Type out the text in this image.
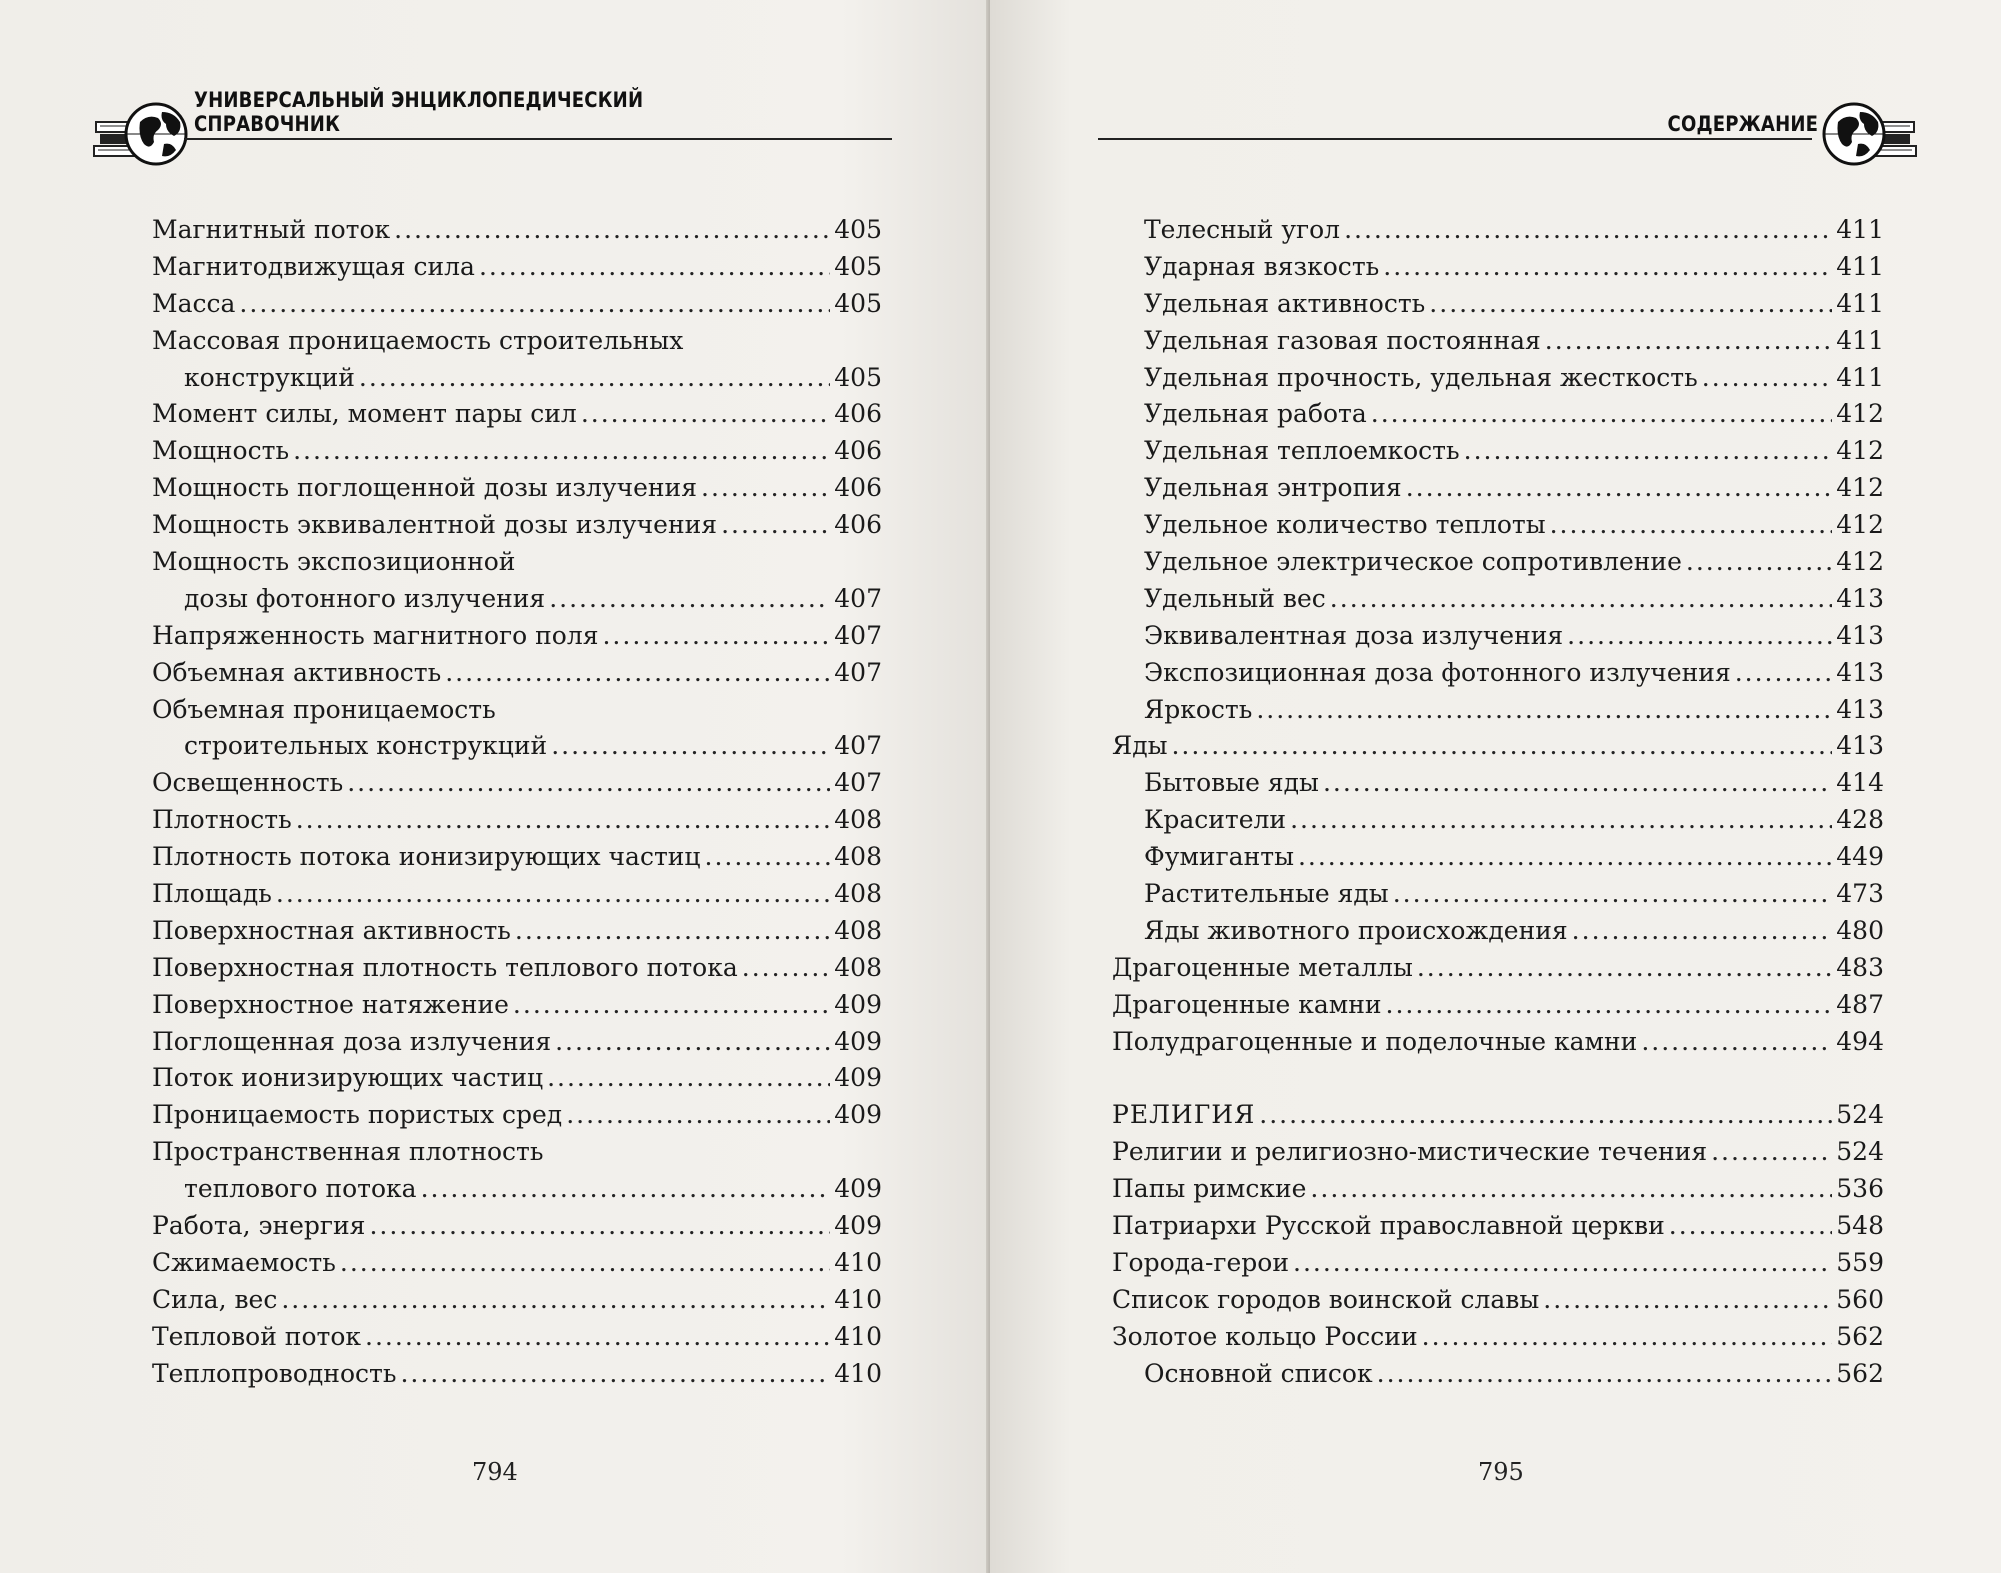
УНИВЕРСАЛЬНЫЙ ЭНЦИКЛОПЕДИЧЕСКИЙ СПРАВОЧНИК
Магнитный поток .....	405
Магнитодвижущая сила .....	405
Масса .....	405
Массовая проницаемость строительных
конструкций .....	405
Момент силы, момент пары сил .....	406
Мощность .....	406
Мощность поглощенной дозы излучения .....	406
Мощность эквивалентной дозы излучения .....	406
Мощность экспозиционной
дозы фотонного излучения .....	407
Напряженность магнитного поля .....	407
Объемная активность .....	407
Объемная проницаемость
строительных конструкций .....	407
Освещенность .....	407
Плотность .....	408
Плотность потока ионизирующих частиц .....	408
Площадь .....	408
Поверхностная активность .....	408
Поверхностная плотность теплового потока .....	408
Поверхностное натяжение .....	409
Поглощенная доза излучения .....	409
Поток ионизирующих частиц .....	409
Проницаемость пористых сред .....	409
Пространственная плотность
теплового потока .....	409
Работа, энергия .....	409
Сжимаемость .....	410
Сила, вес .....	410
Тепловой поток .....	410
Теплопроводность .....	410
794
СОДЕРЖАНИЕ
Телесный угол .....	411
Ударная вязкость .....	411
Удельная активность .....	411
Удельная газовая постоянная .....	411
Удельная прочность, удельная жесткость .....	411
Удельная работа .....	412
Удельная теплоемкость .....	412
Удельная энтропия .....	412
Удельное количество теплоты .....	412
Удельное электрическое сопротивление .....	412
Удельный вес .....	413
Эквивалентная доза излучения .....	413
Экспозиционная доза фотонного излучения .....	413
Яркость .....	413
Яды .....	413
Бытовые яды .....	414
Красители .....	428
Фумиганты .....	449
Растительные яды .....	473
Яды животного происхождения .....	480
Драгоценные металлы .....	483
Драгоценные камни .....	487
Полудрагоценные и поделочные камни .....	494
РЕЛИГИЯ .....	524
Религии и религиозно-мистические течения .....	524
Папы римские .....	536
Патриархи Русской православной церкви .....	548
Города-герои .....	559
Список городов воинской славы .....	560
Золотое кольцо России .....	562
Основной список .....	562
795
